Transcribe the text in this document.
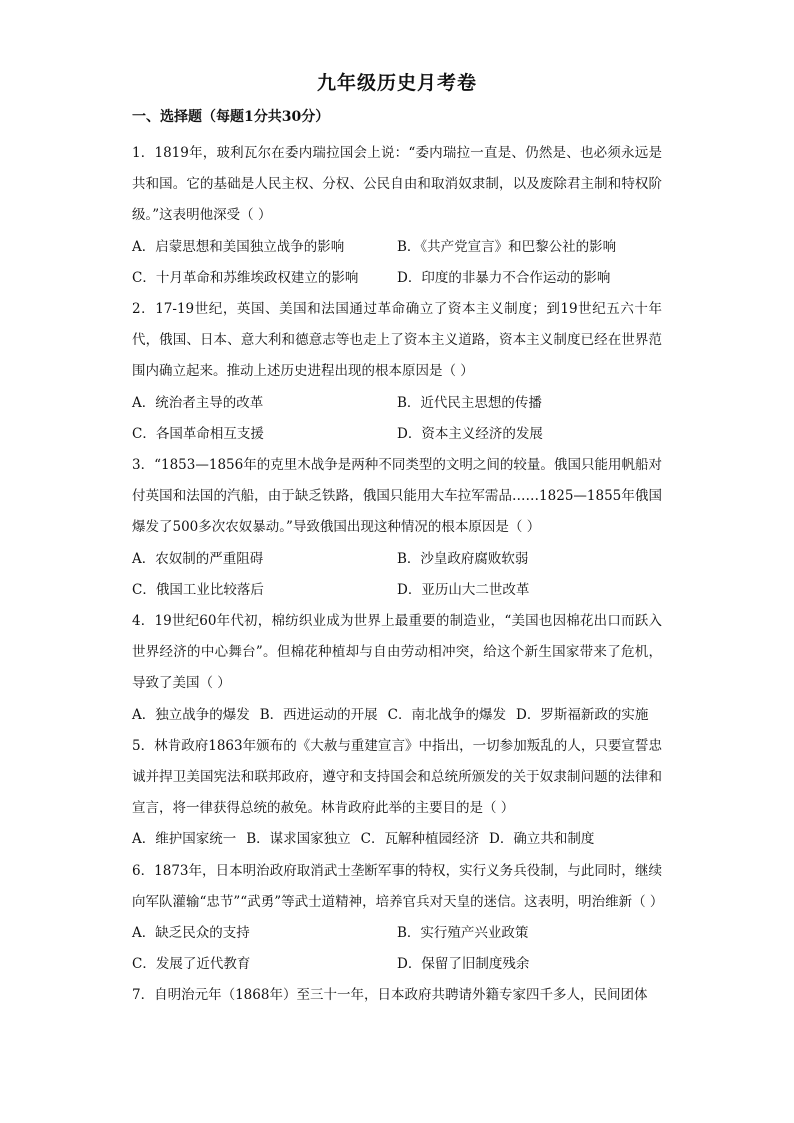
九年级历史月考卷
一、选择题（每题1分共30分）

1．1819年，玻利瓦尔在委内瑞拉国会上说：“委内瑞拉一直是、仍然是、也必须永远是共和国。它的基础是人民主权、分权、公民自由和取消奴隶制，以及废除君主制和特权阶级。”这表明他深受（ ）

A．启蒙思想和美国独立战争的影响	B．《共产党宣言》和巴黎公社的影响
C．十月革命和苏维埃政权建立的影响	D．印度的非暴力不合作运动的影响

2．17-19世纪，英国、美国和法国通过革命确立了资本主义制度；到19世纪五六十年代，俄国、日本、意大利和德意志等也走上了资本主义道路，资本主义制度已经在世界范围内确立起来。推动上述历史进程出现的根本原因是（ ）

A．统治者主导的改革	B．近代民主思想的传播
C．各国革命相互支援	D．资本主义经济的发展

3．“1853—1856年的克里木战争是两种不同类型的文明之间的较量。俄国只能用帆船对付英国和法国的汽船，由于缺乏铁路，俄国只能用大车拉军需品……1825—1855年俄国爆发了500多次农奴暴动。”导致俄国出现这种情况的根本原因是（ ）

A．农奴制的严重阻碍	B．沙皇政府腐败软弱
C．俄国工业比较落后	D．亚历山大二世改革

4．19世纪60年代初，棉纺织业成为世界上最重要的制造业，“美国也因棉花出口而跃入世界经济的中心舞台”。但棉花种植却与自由劳动相冲突，给这个新生国家带来了危机，导致了美国（ ）

A．独立战争的爆发 B．西进运动的开展 C．南北战争的爆发 D．罗斯福新政的实施

5．林肯政府1863年颁布的《大赦与重建宣言》中指出，一切参加叛乱的人，只要宣誓忠诚并捍卫美国宪法和联邦政府，遵守和支持国会和总统所颁发的关于奴隶制问题的法律和宣言，将一律获得总统的赦免。林肯政府此举的主要目的是（ ）

A．维护国家统一 B．谋求国家独立 C．瓦解种植园经济 D．确立共和制度

6．1873年，日本明治政府取消武士垄断军事的特权，实行义务兵役制，与此同时，继续向军队灌输“忠节”“武勇”等武士道精神，培养官兵对天皇的迷信。这表明，明治维新（ ）

A．缺乏民众的支持	B．实行殖产兴业政策
C．发展了近代教育	D．保留了旧制度残余

7．自明治元年（1868年）至三十一年，日本政府共聘请外籍专家四千多人，民间团体
